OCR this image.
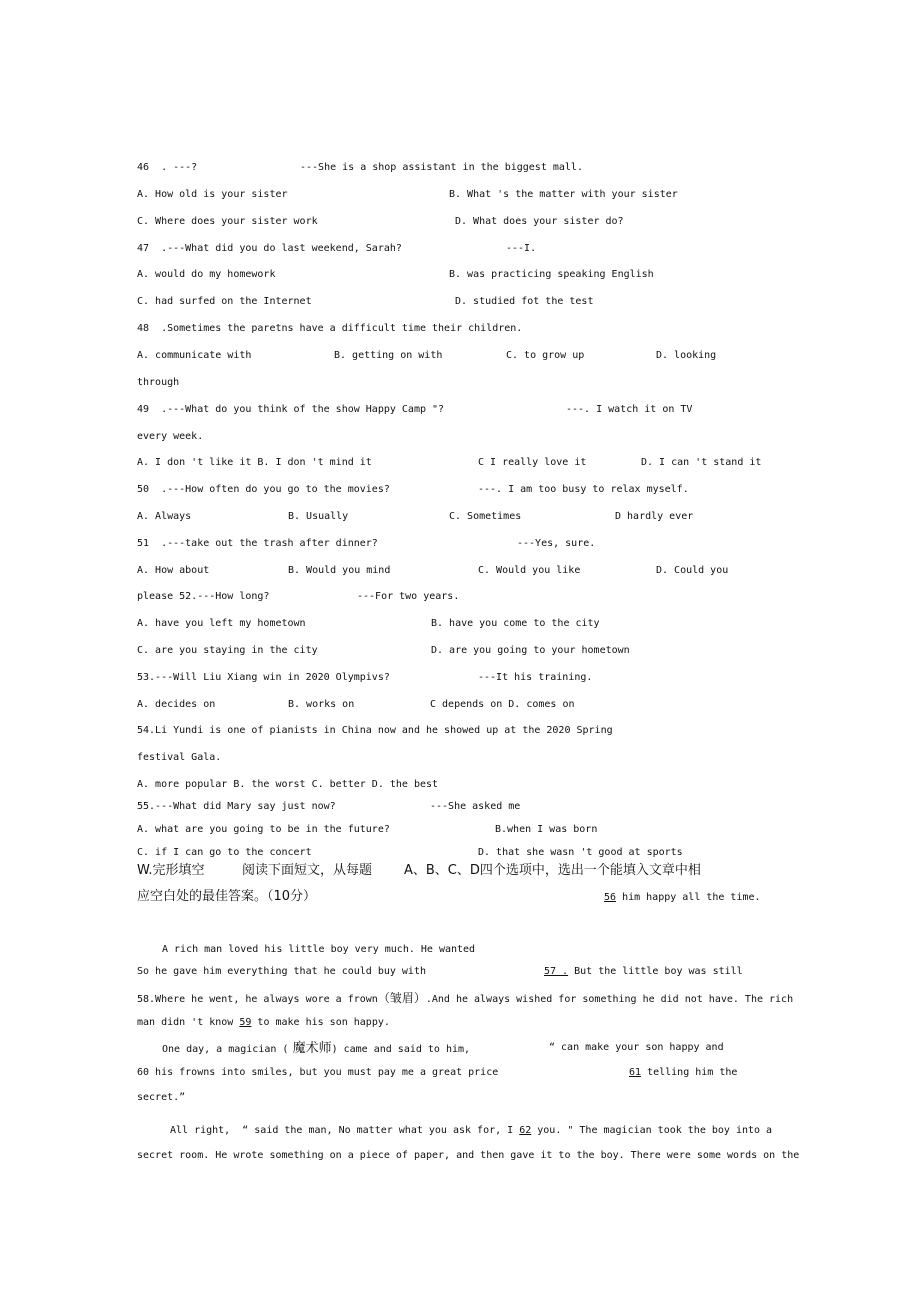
46  . ---?	---She is a shop assistant in the biggest mall.
A. How old is your sister	B. What 's the matter with your sister
C. Where does your sister work	D. What does your sister do?
47  .---What did you do last weekend, Sarah?	---I.
A. would do my homework	B. was practicing speaking English
C. had surfed on the Internet	D. studied fot the test
48  .Sometimes the paretns have a difficult time their children.
A. communicate with	B. getting on with	C. to grow up	D. looking
through
49  .---What do you think of the show Happy Camp "?	---. I watch it on TV
every week.
A. I don 't like it B. I don 't mind it	C I really love it	D. I can 't stand it
50  .---How often do you go to the movies?	---. I am too busy to relax myself.
A. Always	B. Usually	C. Sometimes	D hardly ever
51  .---take out the trash after dinner?	---Yes, sure.
A. How about	B. Would you mind	C. Would you like	D. Could you
please 52.---How long?	---For two years.
A. have you left my hometown	B. have you come to the city
C. are you staying in the city	D. are you going to your hometown
53.---Will Liu Xiang win in 2020 Olympivs?	---It his training.
A. decides on	B. works on	C depends on D. comes on
54.Li Yundi is one of pianists in China now and he showed up at the 2020 Spring
festival Gala.
A. more popular B. the worst C. better D. the best
55.---What did Mary say just now?	---She asked me
A. what are you going to be in the future?	B.when I was born
C. if I can go to the concert	D. that she wasn 't good at sports
W.完形填空	阅读下面短文，从每题 A、B、C、D四个选项中，选出一个能填入文章中相
应空白处的最佳答案。（10分）	56 him happy all the time.
A rich man loved his little boy very much. He wanted
So he gave him everything that he could buy with	57 . But the little boy was still
58.Where he went, he always wore a frown（皱眉）.And he always wished for something he did not have. The rich
man didn 't know 59 to make his son happy.
One day, a magician ( 魔术师) came and said to him,	“ can make your son happy and
60 his frowns into smiles, but you must pay me a great price	61 telling him the
secret.”
All right,  “ said the man, No matter what you ask for, I 62 you. " The magician took the boy into a
secret room. He wrote something on a piece of paper, and then gave it to the boy. There were some words on the
